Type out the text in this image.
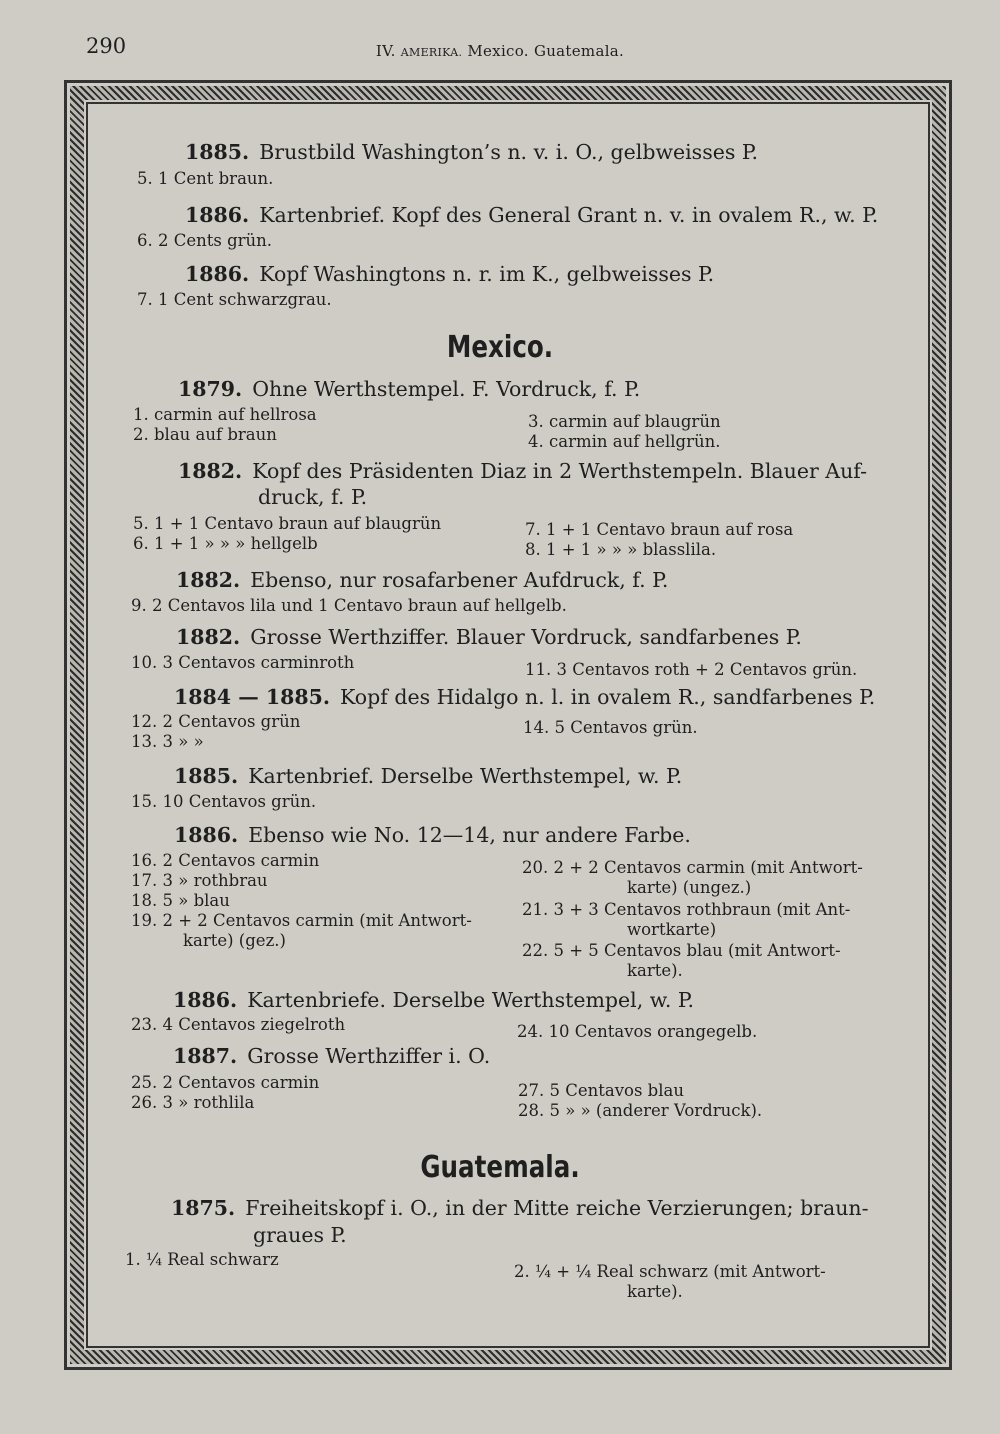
290	IV. AMERIKA. Mexico. Guatemala.
1885. Brustbild Washington’s n. v. i. O., gelbweisses P.
5. 1 Cent braun.
1886. Kartenbrief. Kopf des General Grant n. v. in ovalem R., w. P.
6. 2 Cents grün.
1886. Kopf Washingtons n. r. im K., gelbweisses P.
7. 1 Cent schwarzgrau.
Mexico.
1879. Ohne Werthstempel. F. Vordruck, f. P.
1. carmin auf hellrosa
2. blau auf braun
3. carmin auf blaugrün
4. carmin auf hellgrün.
1882. Kopf des Präsidenten Diaz in 2 Werthstempeln. Blauer Auf-
druck, f. P.
5. 1 + 1 Centavo braun auf blaugrün
6. 1 + 1 » » » hellgelb
7. 1 + 1 Centavo braun auf rosa
8. 1 + 1 » » » blasslila.
1882. Ebenso, nur rosafarbener Aufdruck, f. P.
9. 2 Centavos lila und 1 Centavo braun auf hellgelb.
1882. Grosse Werthziffer. Blauer Vordruck, sandfarbenes P.
10. 3 Centavos carminroth	11. 3 Centavos roth + 2 Centavos grün.
1884 — 1885. Kopf des Hidalgo n. l. in ovalem R., sandfarbenes P.
12. 2 Centavos grün
13. 3 » »
14. 5 Centavos grün.
1885. Kartenbrief. Derselbe Werthstempel, w. P.
15. 10 Centavos grün.
1886. Ebenso wie No. 12—14, nur andere Farbe.
16. 2 Centavos carmin
17. 3 » rothbrau
18. 5 » blau
19. 2 + 2 Centavos carmin (mit Antwort-
karte) (gez.)
20. 2 + 2 Centavos carmin (mit Antwort-
karte) (ungez.)
21. 3 + 3 Centavos rothbraun (mit Ant-
wortkarte)
22. 5 + 5 Centavos blau (mit Antwort-
karte).
1886. Kartenbriefe. Derselbe Werthstempel, w. P.
23. 4 Centavos ziegelroth	24. 10 Centavos orangegelb.
1887. Grosse Werthziffer i. O.
25. 2 Centavos carmin
26. 3 » rothlila
27. 5 Centavos blau
28. 5 » » (anderer Vordruck).
Guatemala.
1875. Freiheitskopf i. O., in der Mitte reiche Verzierungen; braun-
graues P.
1. ¼ Real schwarz
2. ¼ + ¼ Real schwarz (mit Antwort-
karte).
